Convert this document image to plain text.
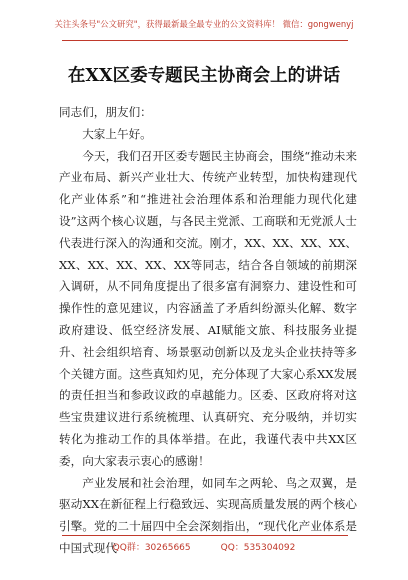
关注头条号"公文研究"，获得最新最全最专业的公文资料库！ 微信：gongwenyj
在XX区委专题民主协商会上的讲话

同志们，朋友们：

大家上午好。

今天，我们召开区委专题民主协商会，围绕“推动未来产业布局、新兴产业壮大、传统产业转型，加快构建现代化产业体系”和“推进社会治理体系和治理能力现代化建设”这两个核心议题，与各民主党派、工商联和无党派人士代表进行深入的沟通和交流。刚才，XX、XX、XX、XX、XX、XX、XX、XX、XX等同志，结合各自领域的前期深入调研，从不同角度提出了很多富有洞察力、建设性和可操作性的意见建议，内容涵盖了矛盾纠纷源头化解、数字政府建设、低空经济发展、AI赋能文旅、科技服务业提升、社会组织培育、场景驱动创新以及龙头企业扶持等多个关键方面。这些真知灼见，充分体现了大家心系XX发展的责任担当和参政议政的卓越能力。区委、区政府将对这些宝贵建议进行系统梳理、认真研究、充分吸纳，并切实转化为推动工作的具体举措。在此，我谨代表中共XX区委，向大家表示衷心的感谢！

产业发展和社会治理，如同车之两轮、鸟之双翼，是驱动XX在新征程上行稳致远、实现高质量发展的两个核心引擎。党的二十届四中全会深刻指出，“现代化产业体系是中国式现代

QQ群：30265665	QQ：535304092
